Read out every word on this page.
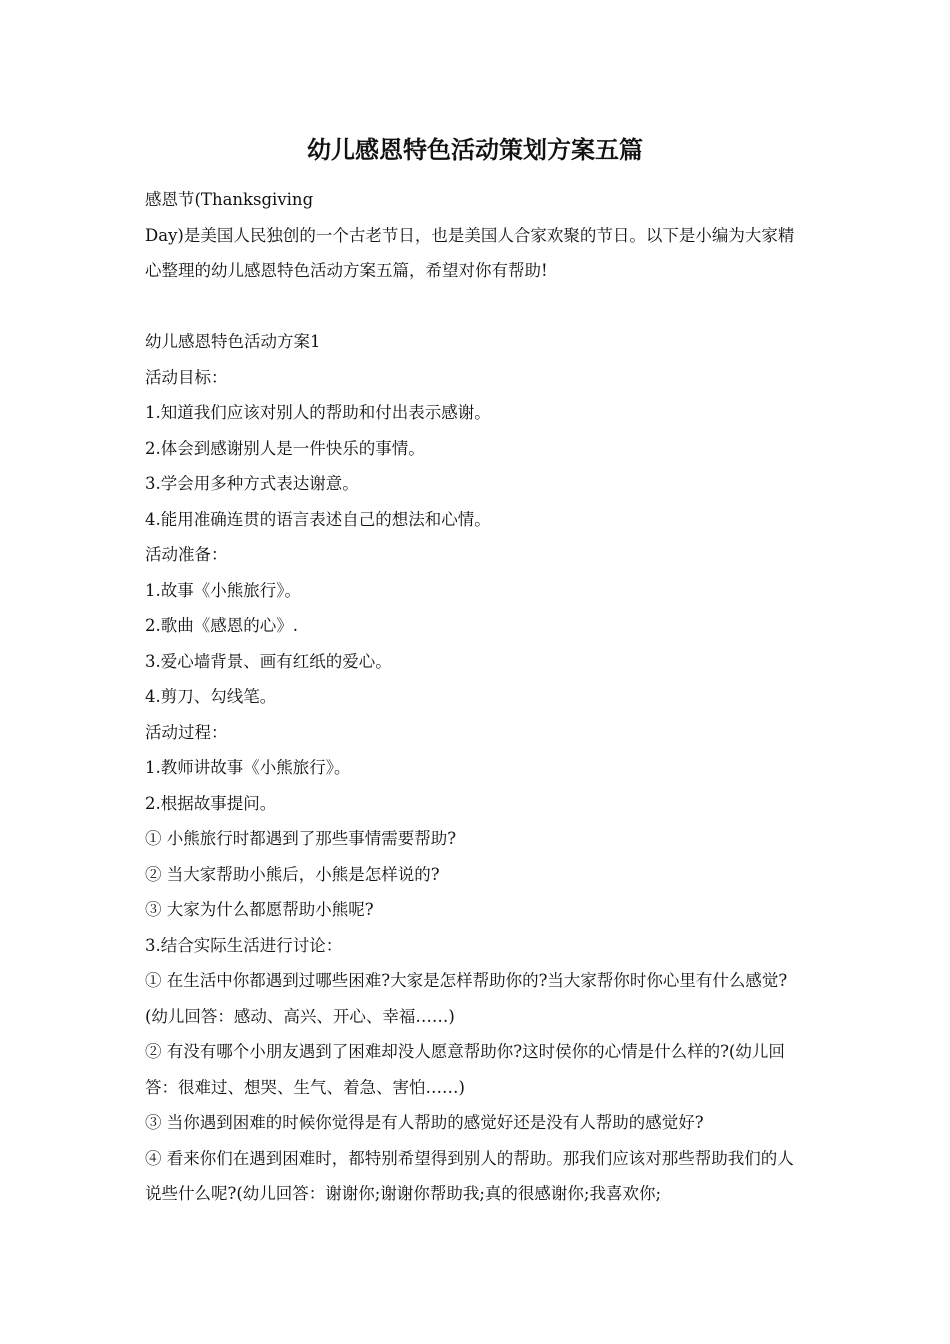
幼儿感恩特色活动策划方案五篇

感恩节(Thanksgiving

Day)是美国人民独创的一个古老节日，也是美国人合家欢聚的节日。以下是小编为大家精心整理的幼儿感恩特色活动方案五篇，希望对你有帮助!

幼儿感恩特色活动方案1

活动目标：

1.知道我们应该对别人的帮助和付出表示感谢。

2.体会到感谢别人是一件快乐的事情。

3.学会用多种方式表达谢意。

4.能用准确连贯的语言表述自己的想法和心情。

活动准备：

1.故事《小熊旅行》。

2.歌曲《感恩的心》.

3.爱心墙背景、画有红纸的爱心。

4.剪刀、勾线笔。

活动过程：

1.教师讲故事《小熊旅行》。

2.根据故事提问。

① 小熊旅行时都遇到了那些事情需要帮助?

② 当大家帮助小熊后，小熊是怎样说的?

③ 大家为什么都愿帮助小熊呢?

3.结合实际生活进行讨论：

① 在生活中你都遇到过哪些困难?大家是怎样帮助你的?当大家帮你时你心里有什么感觉?(幼儿回答：感动、高兴、开心、幸福……)

② 有没有哪个小朋友遇到了困难却没人愿意帮助你?这时侯你的心情是什么样的?(幼儿回答：很难过、想哭、生气、着急、害怕……)

③ 当你遇到困难的时候你觉得是有人帮助的感觉好还是没有人帮助的感觉好?

④ 看来你们在遇到困难时，都特别希望得到别人的帮助。那我们应该对那些帮助我们的人说些什么呢?(幼儿回答：谢谢你;谢谢你帮助我;真的很感谢你;我喜欢你;
